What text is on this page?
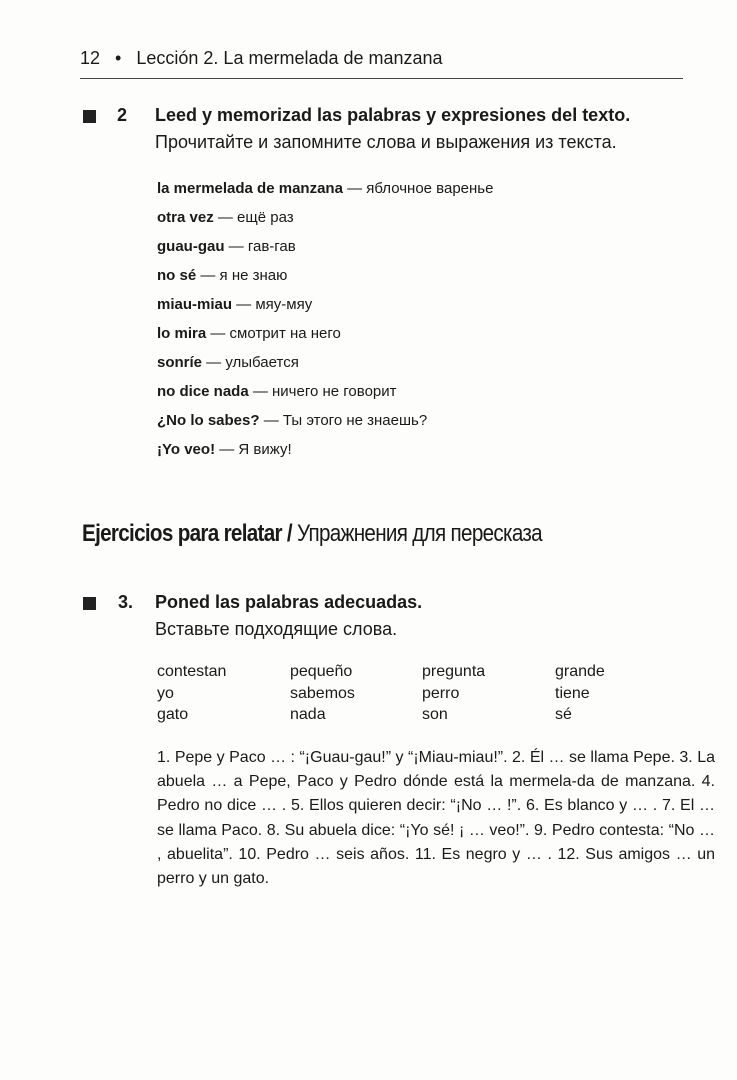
12 • Lección 2. La mermelada de manzana
2 Leed y memorizad las palabras y expresiones del texto.
Прочитайте и запомните слова и выражения из текста.
la mermelada de manzana — яблочное варенье
otra vez — ещё раз
guau-gau — гав-гав
no sé — я не знаю
miau-miau — мяу-мяу
lo mira — смотрит на него
sonríe — улыбается
no dice nada — ничего не говорит
¿No lo sabes? — Ты этого не знаешь?
¡Yo veo! — Я вижу!
Ejercicios para relatar / Упражнения для пересказа
3. Poned las palabras adecuadas.
Вставьте подходящие слова.
contestan	pequeño	pregunta	grande
yo	sabemos	perro	tiene
gato	nada	son	sé
1. Pepe y Paco … : “¡Guau-gau!” y “¡Miau-miau!”. 2. Él … se llama Pepe. 3. La abuela … a Pepe, Paco y Pedro dónde está la mermela-da de manzana. 4. Pedro no dice … . 5. Ellos quieren decir: “¡No … !”. 6. Es blanco y … . 7. El … se llama Paco. 8. Su abuela dice: “¡Yo sé! ¡ … veo!”. 9. Pedro contesta: “No … , abuelita”. 10. Pedro … seis años. 11. Es negro y … . 12. Sus amigos … un perro y un gato.
